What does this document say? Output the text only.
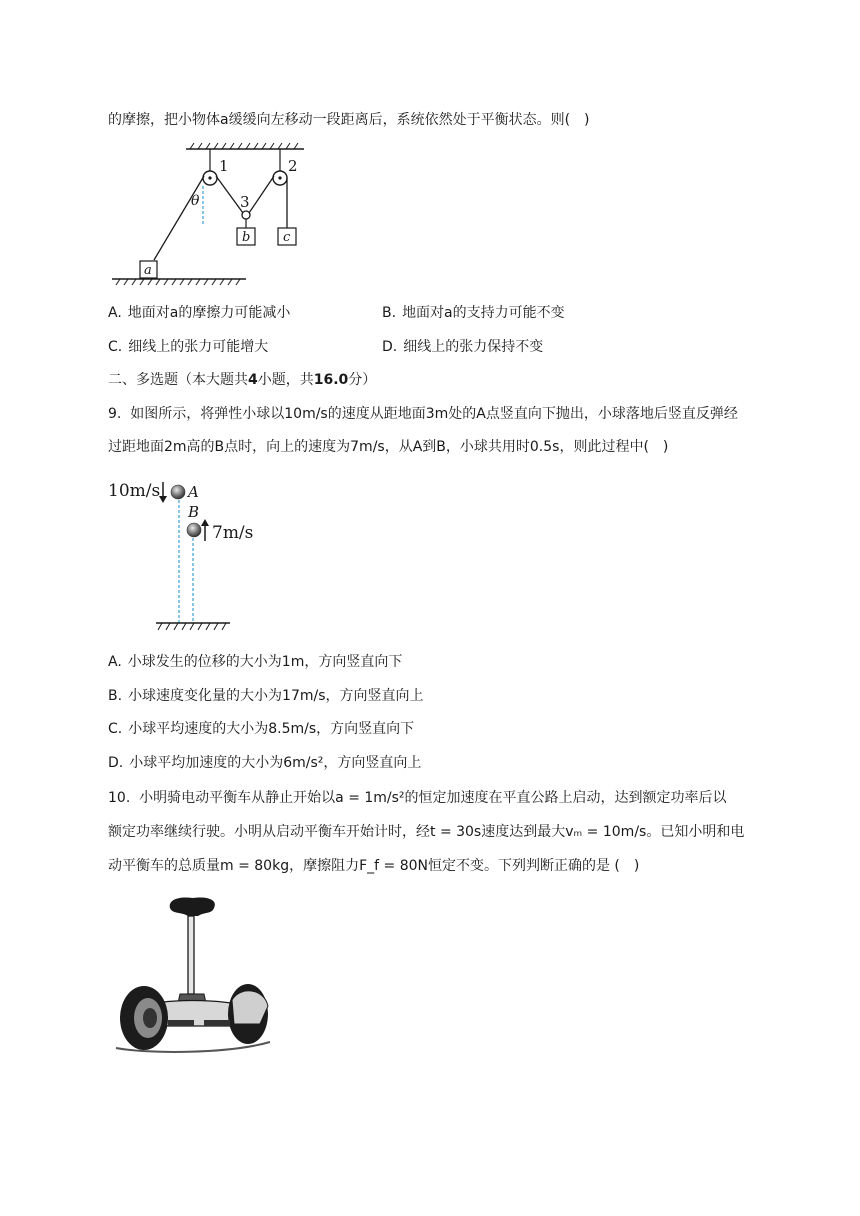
的摩擦，把小物体a缓缓向左移动一段距离后，系统依然处于平衡状态。则(　)
1	2
3
θ
b	c
a
A. 地面对a的摩擦力可能减小	B. 地面对a的支持力可能不变
C. 细线上的张力可能增大	D. 细线上的张力保持不变
二、多选题（本大题共4小题，共16.0分）
9. 如图所示，将弹性小球以10m/s的速度从距地面3m处的A点竖直向下抛出，小球落地后竖直反弹经
过距地面2m高的B点时，向上的速度为7m/s，从A到B，小球共用时0.5s，则此过程中(　)
10m/s A
B
7m/s
A. 小球发生的位移的大小为1m，方向竖直向下
B. 小球速度变化量的大小为17m/s，方向竖直向上
C. 小球平均速度的大小为8.5m/s，方向竖直向下
D. 小球平均加速度的大小为6m/s²，方向竖直向上
10. 小明骑电动平衡车从静止开始以a = 1m/s²的恒定加速度在平直公路上启动，达到额定功率后以
额定功率继续行驶。小明从启动平衡车开始计时，经t = 30s速度达到最大vₘ = 10m/s。已知小明和电
动平衡车的总质量m = 80kg，摩擦阻力F_f = 80N恒定不变。下列判断正确的是 (　)
